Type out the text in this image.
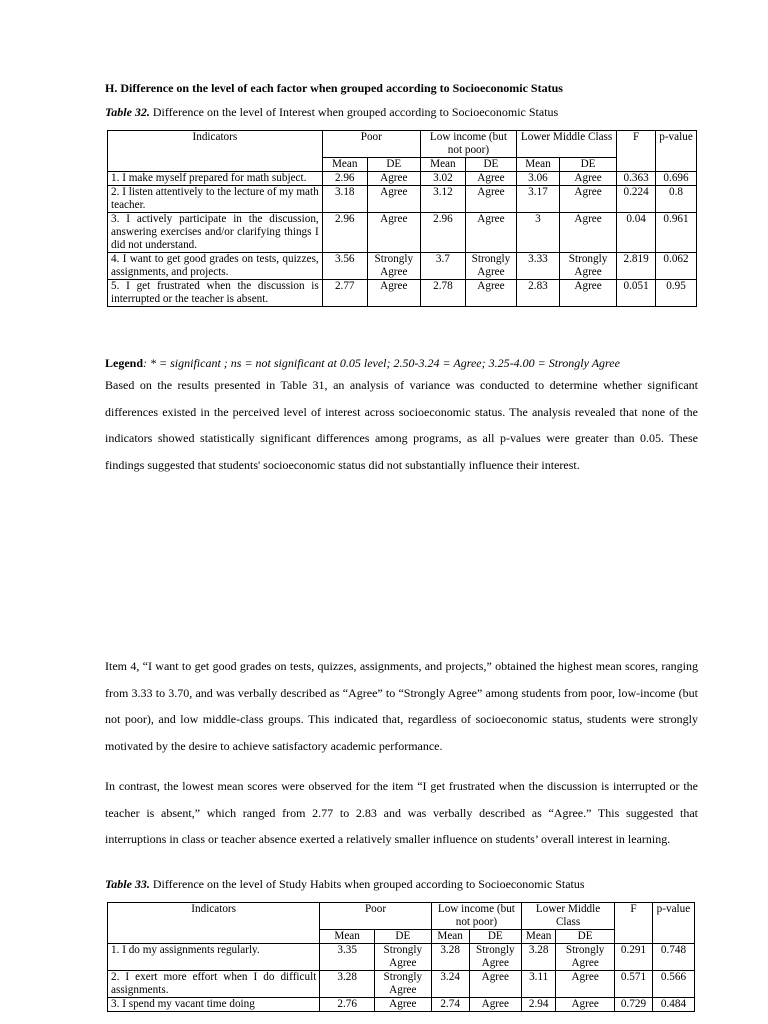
H. Difference on the level of each factor when grouped according to Socioeconomic Status
Table 32. Difference on the level of Interest when grouped according to Socioeconomic Status
Indicators	Poor		Low income (but not poor)		Lower Middle Class		F	p-value
	Mean	DE	Mean	DE	Mean	DE		
1. I make myself prepared for math subject.	2.96	Agree	3.02	Agree	3.06	Agree	0.363	0.696
2. I listen attentively to the lecture of my math teacher.	3.18	Agree	3.12	Agree	3.17	Agree	0.224	0.8
3. I actively participate in the discussion, answering exercises and/or clarifying things I did not understand.	2.96	Agree	2.96	Agree	3	Agree	0.04	0.961
4. I want to get good grades on tests, quizzes, assignments, and projects.	3.56	Strongly Agree	3.7	Strongly Agree	3.33	Strongly Agree	2.819	0.062
5. I get frustrated when the discussion is interrupted or the teacher is absent.	2.77	Agree	2.78	Agree	2.83	Agree	0.051	0.95
Legend: * = significant ; ns = not significant at 0.05 level; 2.50-3.24 = Agree; 3.25-4.00 = Strongly Agree

Based on the results presented in Table 31, an analysis of variance was conducted to determine whether significant differences existed in the perceived level of interest across socioeconomic status. The analysis revealed that none of the indicators showed statistically significant differences among programs, as all p-values were greater than 0.05. These findings suggested that students' socioeconomic status did not substantially influence their interest.

Item 4, “I want to get good grades on tests, quizzes, assignments, and projects,” obtained the highest mean scores, ranging from 3.33 to 3.70, and was verbally described as “Agree” to “Strongly Agree” among students from poor, low-income (but not poor), and low middle-class groups. This indicated that, regardless of socioeconomic status, students were strongly motivated by the desire to achieve satisfactory academic performance.

In contrast, the lowest mean scores were observed for the item “I get frustrated when the discussion is interrupted or the teacher is absent,” which ranged from 2.77 to 2.83 and was verbally described as “Agree.” This suggested that interruptions in class or teacher absence exerted a relatively smaller influence on students’ overall interest in learning.

Table 33. Difference on the level of Study Habits when grouped according to Socioeconomic Status
Indicators	Poor		Low income (but not poor)		Lower Middle Class		F	p-value
	Mean	DE	Mean	DE	Mean	DE		
1. I do my assignments regularly.	3.35	Strongly Agree	3.28	Strongly Agree	3.28	Strongly Agree	0.291	0.748
2. I exert more effort when I do difficult assignments.	3.28	Strongly Agree	3.24	Agree	3.11	Agree	0.571	0.566
3. I spend my vacant time doing	2.76	Agree	2.74	Agree	2.94	Agree	0.729	0.484
